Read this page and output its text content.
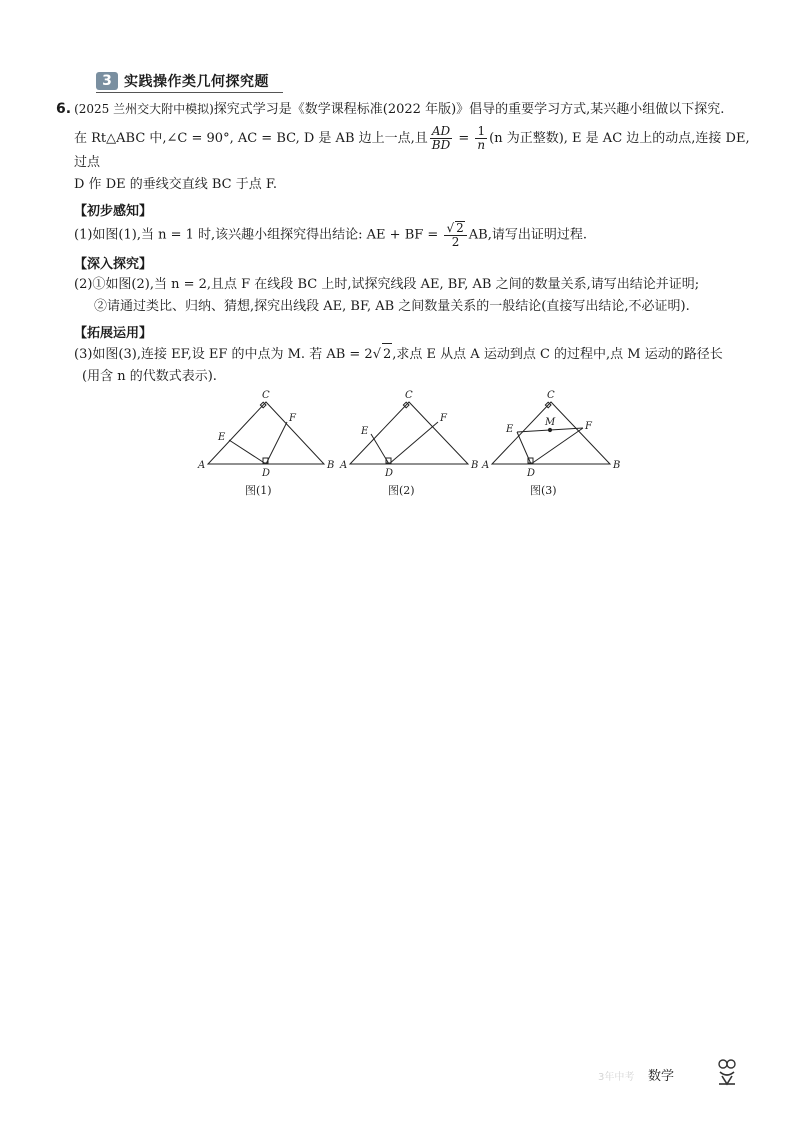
3 实践操作类几何探究题

6. (2025 兰州交大附中模拟)探究式学习是《数学课程标准(2022 年版)》倡导的重要学习方式,某兴趣小组做以下探究.

在 Rt△ABC 中,∠C = 90°, AC = BC, D 是 AB 边上一点,且 $\frac{AD}{BD} = \frac{1}{n} (n$ 为正整数), E 是 AC 边上的动点,连接 DE,过点

D 作 DE 的垂线交直线 BC 于点 F.

【初步感知】

(1)如图(1),当 n = 1 时,该兴趣小组探究得出结论: AE + BF = $\frac{√ 2}{2}$ AB,请写出证明过程.

【深入探究】

(2)①如图(2),当 n = 2,且点 F 在线段 BC 上时,试探究线段 AE, BF, AB 之间的数量关系,请写出结论并证明;

②请通过类比、归纳、猜想,探究出线段 AE, BF, AB 之间数量关系的一般结论(直接写出结论,不必证明).

【拓展运用】

(3)如图(3),连接 EF,设 EF 的中点为 M. 若 AB = 2√ 2,求点 E 从点 A 运动到点 C 的过程中,点 M 运动的路径长

(用含 n 的代数式表示).

C
A	B
D
E
F
图(1)
C
A	B
D
E
F
图(2)
C
A	B
D
E	F
M
图(3)
3年中考 数学
